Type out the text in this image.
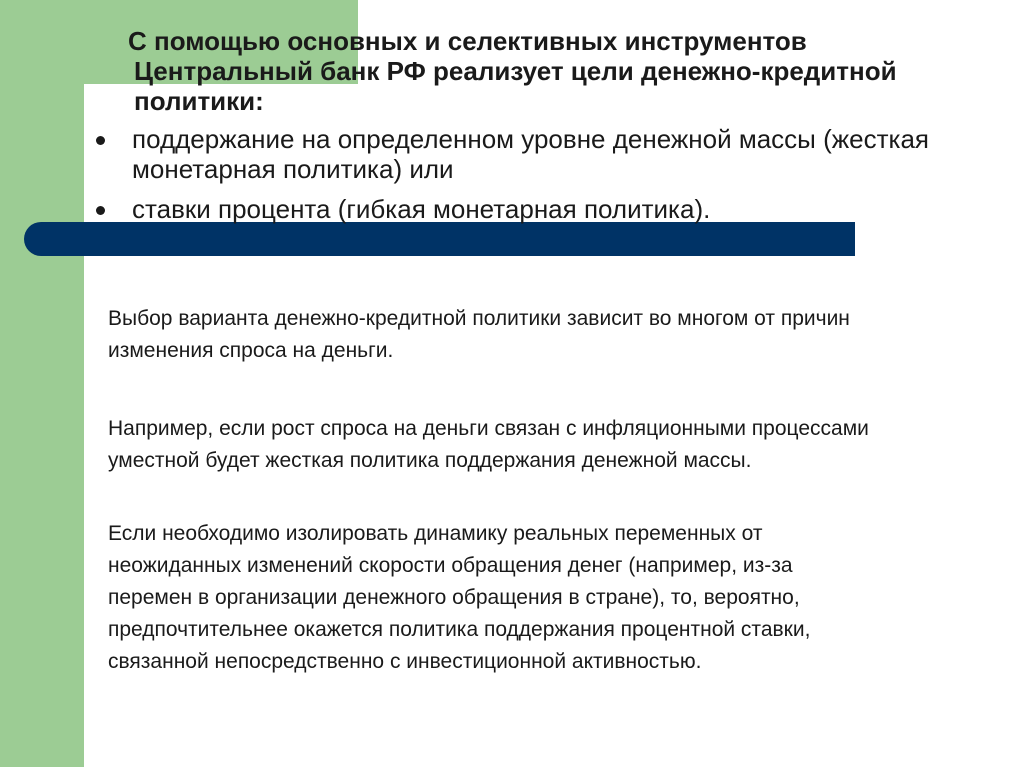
С помощью основных и селективных инструментов
Центральный банк РФ реализует цели денежно-кредитной
политики:
поддержание на определенном уровне денежной массы (жесткая
монетарная политика) или
ставки процента (гибкая монетарная политика).

Выбор варианта денежно-кредитной политики зависит во многом от причин
изменения спроса на деньги.

Например, если рост спроса на деньги связан с инфляционными процессами
уместной будет жесткая политика поддержания денежной массы.

Если необходимо изолировать динамику реальных переменных от
неожиданных изменений скорости обращения денег (например, из-за
перемен в организации денежного обращения в стране), то, вероятно,
предпочтительнее окажется политика поддержания процентной ставки,
связанной непосредственно с инвестиционной активностью.
